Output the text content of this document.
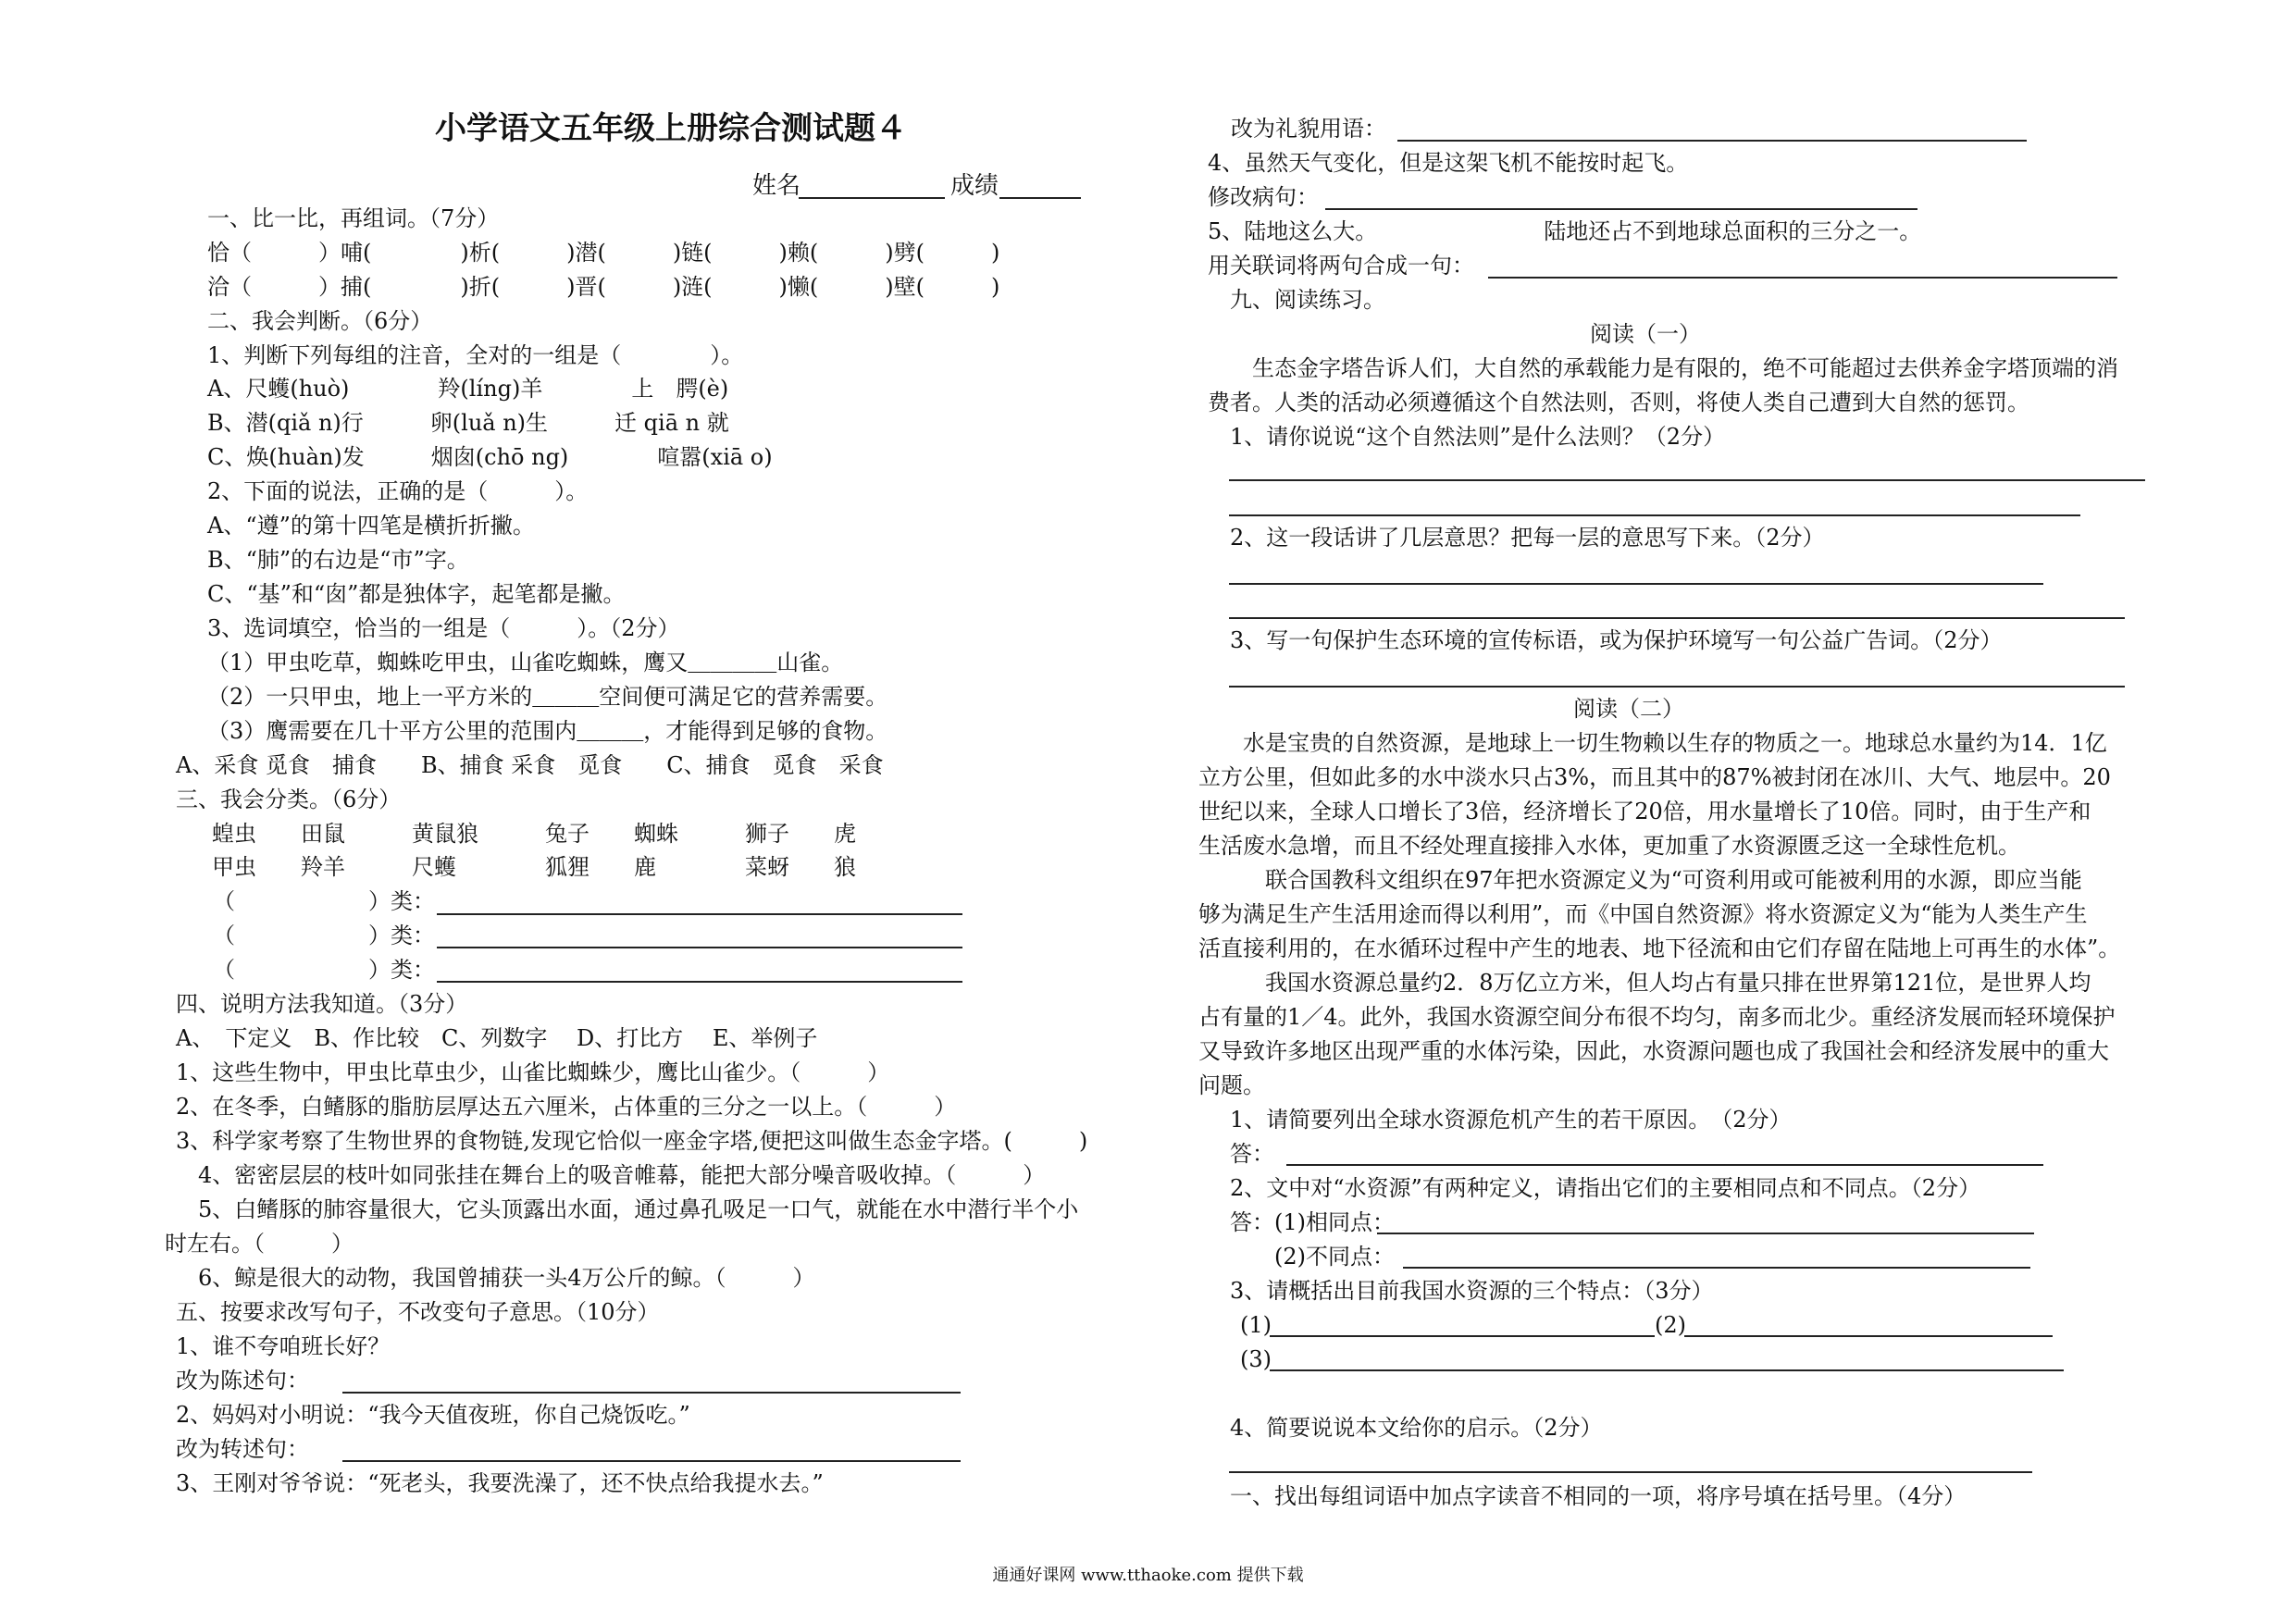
小学语文五年级上册综合测试题４
姓名	成绩
一、比一比，再组词。（7分）
恰（　　　）哺(　　　　)析(　　　)潜(　　　)链(　　　)赖(　　　)劈(　　　)
洽（　　　）捕(　　　　)折(　　　)晋(　　　)涟(　　　)懒(　　　)壁(　　　)
二、我会判断。（6分）
1、判断下列每组的注音，全对的一组是（　　　　）。
A、尺蠖(huò)　　　　羚(líng)羊　　　　上　腭(è)
B、潜(qiǎ n)行　　　卵(luǎ n)生　　　迁 qiā n 就
C、焕(huàn)发　　　烟囱(chō ng)　　　　喧嚣(xiā o)
2、下面的说法，正确的是（　　　）。
A、“遵”的第十四笔是横折折撇。
B、“肺”的右边是“市”字。
C、“基”和“囱”都是独体字，起笔都是撇。
3、选词填空，恰当的一组是（　　　）。（2分）
（1）甲虫吃草，蜘蛛吃甲虫，山雀吃蜘蛛，鹰又＿＿＿＿山雀。
（2）一只甲虫，地上一平方米的＿＿＿空间便可满足它的营养需要。
（3）鹰需要在几十平方公里的范围内＿＿＿，才能得到足够的食物。
A、采食 觅食　捕食　　B、捕食 采食　觅食　　C、捕食　觅食　采食
三、我会分类。（6分）
　蝗虫　　田鼠　　　黄鼠狼　　　兔子　　蜘蛛　　　狮子　　虎
　甲虫　　羚羊　　　尺蠖　　　　狐狸　　鹿　　　　菜蚜　　狼
（　　　　　　）类：
（　　　　　　）类：
（　　　　　　）类：
四、说明方法我知道。（3分）
A、　下定义　B、作比较　C、列数字　 D、打比方　 E、举例子
1、这些生物中，甲虫比草虫少，山雀比蜘蛛少，鹰比山雀少。（　　　）
2、在冬季，白鳍豚的脂肪层厚达五六厘米，占体重的三分之一以上。（　　　）
3、科学家考察了生物世界的食物链,发现它恰似一座金字塔,便把这叫做生态金字塔。(　　　)
　4、密密层层的枝叶如同张挂在舞台上的吸音帷幕，能把大部分噪音吸收掉。（　　　）
　5、白鳍豚的肺容量很大，它头顶露出水面，通过鼻孔吸足一口气，就能在水中潜行半个小
时左右。（　　　）
　6、鲸是很大的动物，我国曾捕获一头4万公斤的鲸。（　　　）
五、按要求改写句子，不改变句子意思。（10分）
1、谁不夸咱班长好？
改为陈述句：
2、妈妈对小明说：“我今天值夜班，你自己烧饭吃。”
改为转述句：
3、王刚对爷爷说：“死老头，我要洗澡了，还不快点给我提水去。”
改为礼貌用语：
4、虽然天气变化，但是这架飞机不能按时起飞。
修改病句：
5、陆地这么大。　　　　　　　　陆地还占不到地球总面积的三分之一。
用关联词将两句合成一句：
　九、阅读练习。
阅读（一）
　　生态金字塔告诉人们，大自然的承载能力是有限的，绝不可能超过去供养金字塔顶端的消
费者。人类的活动必须遵循这个自然法则，否则，将使人类自己遭到大自然的惩罚。
　1、请你说说“这个自然法则”是什么法则？（2分）
　2、这一段话讲了几层意思？把每一层的意思写下来。（2分）
　3、写一句保护生态环境的宣传标语，或为保护环境写一句公益广告词。（2分）
阅读（二）
　　水是宝贵的自然资源，是地球上一切生物赖以生存的物质之一。地球总水量约为14．1亿
立方公里，但如此多的水中淡水只占3%，而且其中的87%被封闭在冰川、大气、地层中。20
世纪以来，全球人口增长了3倍，经济增长了20倍，用水量增长了10倍。同时，由于生产和
生活废水急增，而且不经处理直接排入水体，更加重了水资源匮乏这一全球性危机。
　　　联合国教科文组织在97年把水资源定义为“可资利用或可能被利用的水源，即应当能
够为满足生产生活用途而得以利用”，而《中国自然资源》将水资源定义为“能为人类生产生
活直接利用的，在水循环过程中产生的地表、地下径流和由它们存留在陆地上可再生的水体”。
　　　我国水资源总量约2．8万亿立方米，但人均占有量只排在世界第121位，是世界人均
占有量的1／4。此外，我国水资源空间分布很不均匀，南多而北少。重经济发展而轻环境保护
又导致许多地区出现严重的水体污染，因此，水资源问题也成了我国社会和经济发展中的重大
问题。
　1、请简要列出全球水资源危机产生的若干原因。　（2分）
　答：
　2、文中对“水资源”有两种定义，请指出它们的主要相同点和不同点。（2分）
　答：(1)相同点：
　　　(2)不同点：
　3、请概括出目前我国水资源的三个特点：（3分）
(1)	(2)
(3)
　4、简要说说本文给你的启示。（2分）
　一、找出每组词语中加点字读音不相同的一项，将序号填在括号里。（4分）
通通好课网 www.tthaoke.com 提供下载
